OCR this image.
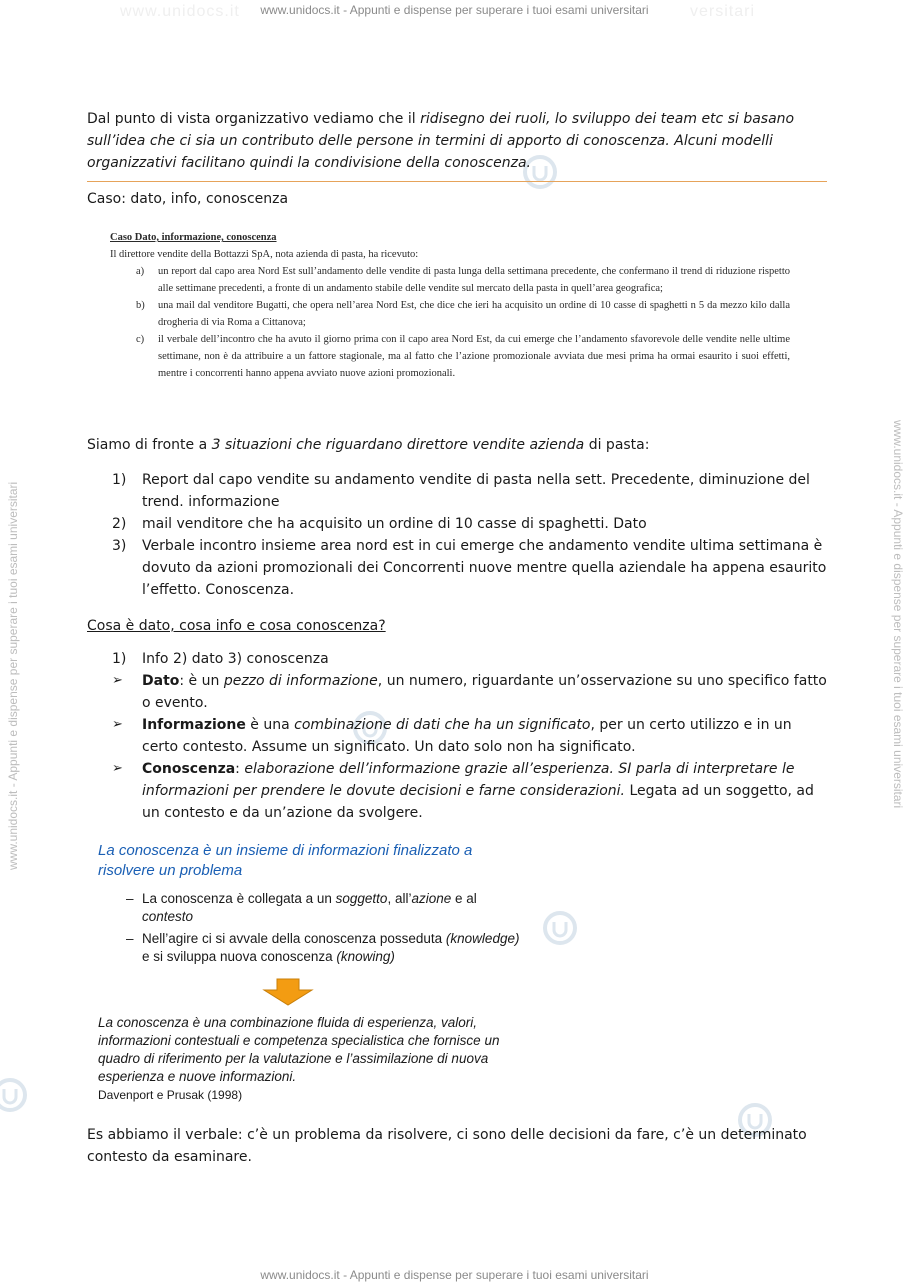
www.unidocs.it	versitari
www.unidocs.it - Appunti e dispense per superare i tuoi esami universitari
www.unidocs.it - Appunti e dispense per superare i tuoi esami universitari
www.unidocs.it - Appunti e dispense per superare i tuoi esami universitari	www.unidocs.it - Appunti e dispense per superare i tuoi esami universitari
Dal punto di vista organizzativo vediamo che il ridisegno dei ruoli, lo sviluppo dei team etc si basano sull’idea che ci sia un contributo delle persone in termini di apporto di conoscenza. Alcuni modelli organizzativi facilitano quindi la condivisione della conoscenza.
Caso: dato, info, conoscenza
Caso Dato, informazione, conoscenza
Il direttore vendite della Bottazzi SpA, nota azienda di pasta, ha ricevuto:
a) un report dal capo area Nord Est sull’andamento delle vendite di pasta lunga della settimana precedente, che confermano il trend di riduzione rispetto alle settimane precedenti, a fronte di un andamento stabile delle vendite sul mercato della pasta in quell’area geografica;
b) una mail dal venditore Bugatti, che opera nell’area Nord Est, che dice che ieri ha acquisito un ordine di 10 casse di spaghetti n 5 da mezzo kilo dalla drogheria di via Roma a Cittanova;
c) il verbale dell’incontro che ha avuto il giorno prima con il capo area Nord Est, da cui emerge che l’andamento sfavorevole delle vendite nelle ultime settimane, non è da attribuire a un fattore stagionale, ma al fatto che l’azione promozionale avviata due mesi prima ha ormai esaurito i suoi effetti, mentre i concorrenti hanno appena avviato nuove azioni promozionali.
Siamo di fronte a 3 situazioni che riguardano direttore vendite azienda di pasta:
1) Report dal capo vendite su andamento vendite di pasta nella sett. Precedente, diminuzione del trend. informazione
2) mail venditore che ha acquisito un ordine di 10 casse di spaghetti. Dato
3) Verbale incontro insieme area nord est in cui emerge che andamento vendite ultima settimana è dovuto da azioni promozionali dei Concorrenti nuove mentre quella aziendale ha appena esaurito l’effetto. Conoscenza.
Cosa è dato, cosa info e cosa conoscenza?
1) Info 2) dato 3) conoscenza
➢ Dato: è un pezzo di informazione, un numero, riguardante un’osservazione su uno specifico fatto o evento.
➢ Informazione è una combinazione di dati che ha un significato, per un certo utilizzo e in un certo contesto. Assume un significato. Un dato solo non ha significato.
➢ Conoscenza: elaborazione dell’informazione grazie all’esperienza. SI parla di interpretare le informazioni per prendere le dovute decisioni e farne considerazioni. Legata ad un soggetto, ad un contesto e da un’azione da svolgere.
La conoscenza è un insieme di informazioni finalizzato a risolvere un problema
– La conoscenza è collegata a un soggetto, all’azione e al contesto
– Nell’agire ci si avvale della conoscenza posseduta (knowledge) e si sviluppa nuova conoscenza (knowing)
La conoscenza è una combinazione fluida di esperienza, valori, informazioni contestuali e competenza specialistica che fornisce un quadro di riferimento per la valutazione e l’assimilazione di nuova esperienza e nuove informazioni.
Davenport e Prusak (1998)
Es abbiamo il verbale: c’è un problema da risolvere, ci sono delle decisioni da fare, c’è un determinato contesto da esaminare.
